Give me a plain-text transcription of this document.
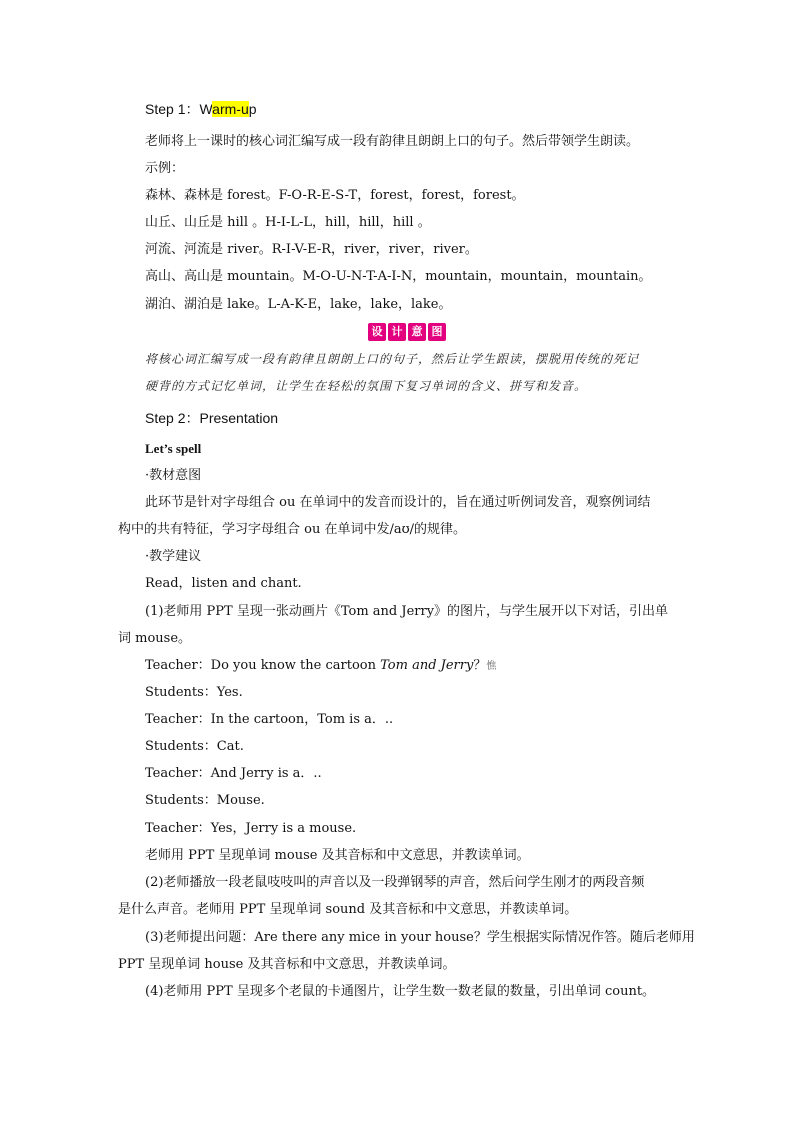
Step 1：Warm-up
老师将上一课时的核心词汇编写成一段有韵律且朗朗上口的句子。然后带领学生朗读。
示例：
森林、森林是 forest。F-O-R-E-S-T，forest，forest，forest。
山丘、山丘是 hill 。H-I-L-L，hill，hill，hill 。
河流、河流是 river。R-I-V-E-R，river，river，river。
高山、高山是 mountain。M-O-U-N-T-A-I-N，mountain，mountain，mountain。
湖泊、湖泊是 lake。L-A-K-E，lake，lake，lake。
设 计 意 图
将核心词汇编写成一段有韵律且朗朗上口的句子，然后让学生跟读，摆脱用传统的死记
硬背的方式记忆单词，让学生在轻松的氛围下复习单词的含义、拼写和发音。
Step 2：Presentation
Let’s spell
·教材意图
此环节是针对字母组合 ou 在单词中的发音而设计的，旨在通过听例词发音，观察例词结
构中的共有特征，学习字母组合 ou 在单词中发/aʊ/的规律。
·教学建议
Read，listen and chant.
(1)老师用 PPT 呈现一张动画片《Tom and Jerry》的图片，与学生展开以下对话，引出单
词 mouse。
Teacher：Do you know the cartoon Tom and Jerry？憔
Students：Yes.
Teacher：In the cartoon，Tom is a．..
Students：Cat.
Teacher：And Jerry is a．..
Students：Mouse.
Teacher：Yes，Jerry is a mouse.
老师用 PPT 呈现单词 mouse 及其音标和中文意思，并教读单词。
(2)老师播放一段老鼠吱吱叫的声音以及一段弹钢琴的声音，然后问学生刚才的两段音频
是什么声音。老师用 PPT 呈现单词 sound 及其音标和中文意思，并教读单词。
(3)老师提出问题：Are there any mice in your house？学生根据实际情况作答。随后老师用
PPT 呈现单词 house 及其音标和中文意思，并教读单词。
(4)老师用 PPT 呈现多个老鼠的卡通图片，让学生数一数老鼠的数量，引出单词 count。
